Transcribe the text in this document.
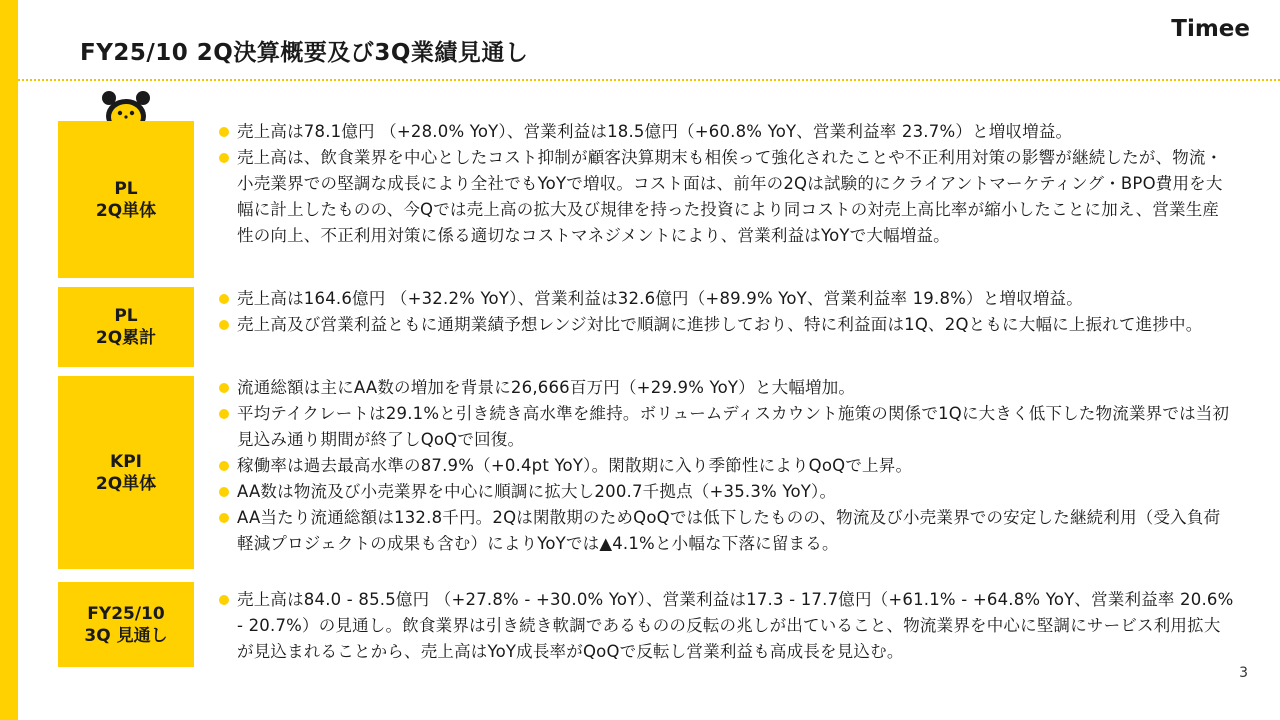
FY25/10 2Q決算概要及び3Q業績見通し
Timee
PL
2Q単体
売上高は78.1億円 （+28.0% YoY）、営業利益は18.5億円（+60.8% YoY、営業利益率 23.7%）と増収増益。
売上高は、飲食業界を中心としたコスト抑制が顧客決算期末も相俟って強化されたことや不正利用対策の影響が継続したが、物流・小売業界での堅調な成長により全社でもYoYで増収。コスト面は、前年の2Qは試験的にクライアントマーケティング・BPO費用を大幅に計上したものの、今Qでは売上高の拡大及び規律を持った投資により同コストの対売上高比率が縮小したことに加え、営業生産性の向上、不正利用対策に係る適切なコストマネジメントにより、営業利益はYoYで大幅増益。
PL
2Q累計
売上高は164.6億円 （+32.2% YoY）、営業利益は32.6億円（+89.9% YoY、営業利益率 19.8%）と増収増益。
売上高及び営業利益ともに通期業績予想レンジ対比で順調に進捗しており、特に利益面は1Q、2Qともに大幅に上振れて進捗中。
KPI
2Q単体
流通総額は主にAA数の増加を背景に26,666百万円（+29.9% YoY）と大幅増加。
平均テイクレートは29.1%と引き続き高水準を維持。ボリュームディスカウント施策の関係で1Qに大きく低下した物流業界では当初見込み通り期間が終了しQoQで回復。
稼働率は過去最高水準の87.9%（+0.4pt YoY）。閑散期に入り季節性によりQoQで上昇。
AA数は物流及び小売業界を中心に順調に拡大し200.7千拠点（+35.3% YoY）。
AA当たり流通総額は132.8千円。2Qは閑散期のためQoQでは低下したものの、物流及び小売業界での安定した継続利用（受入負荷軽減プロジェクトの成果も含む）によりYoYでは▲4.1%と小幅な下落に留まる。
FY25/10
3Q 見通し
売上高は84.0 - 85.5億円 （+27.8% - +30.0% YoY）、営業利益は17.3 - 17.7億円（+61.1% - +64.8% YoY、営業利益率 20.6% - 20.7%）の見通し。飲食業界は引き続き軟調であるものの反転の兆しが出ていること、物流業界を中心に堅調にサービス利用拡大が見込まれることから、売上高はYoY成長率がQoQで反転し営業利益も高成長を見込む。
3
